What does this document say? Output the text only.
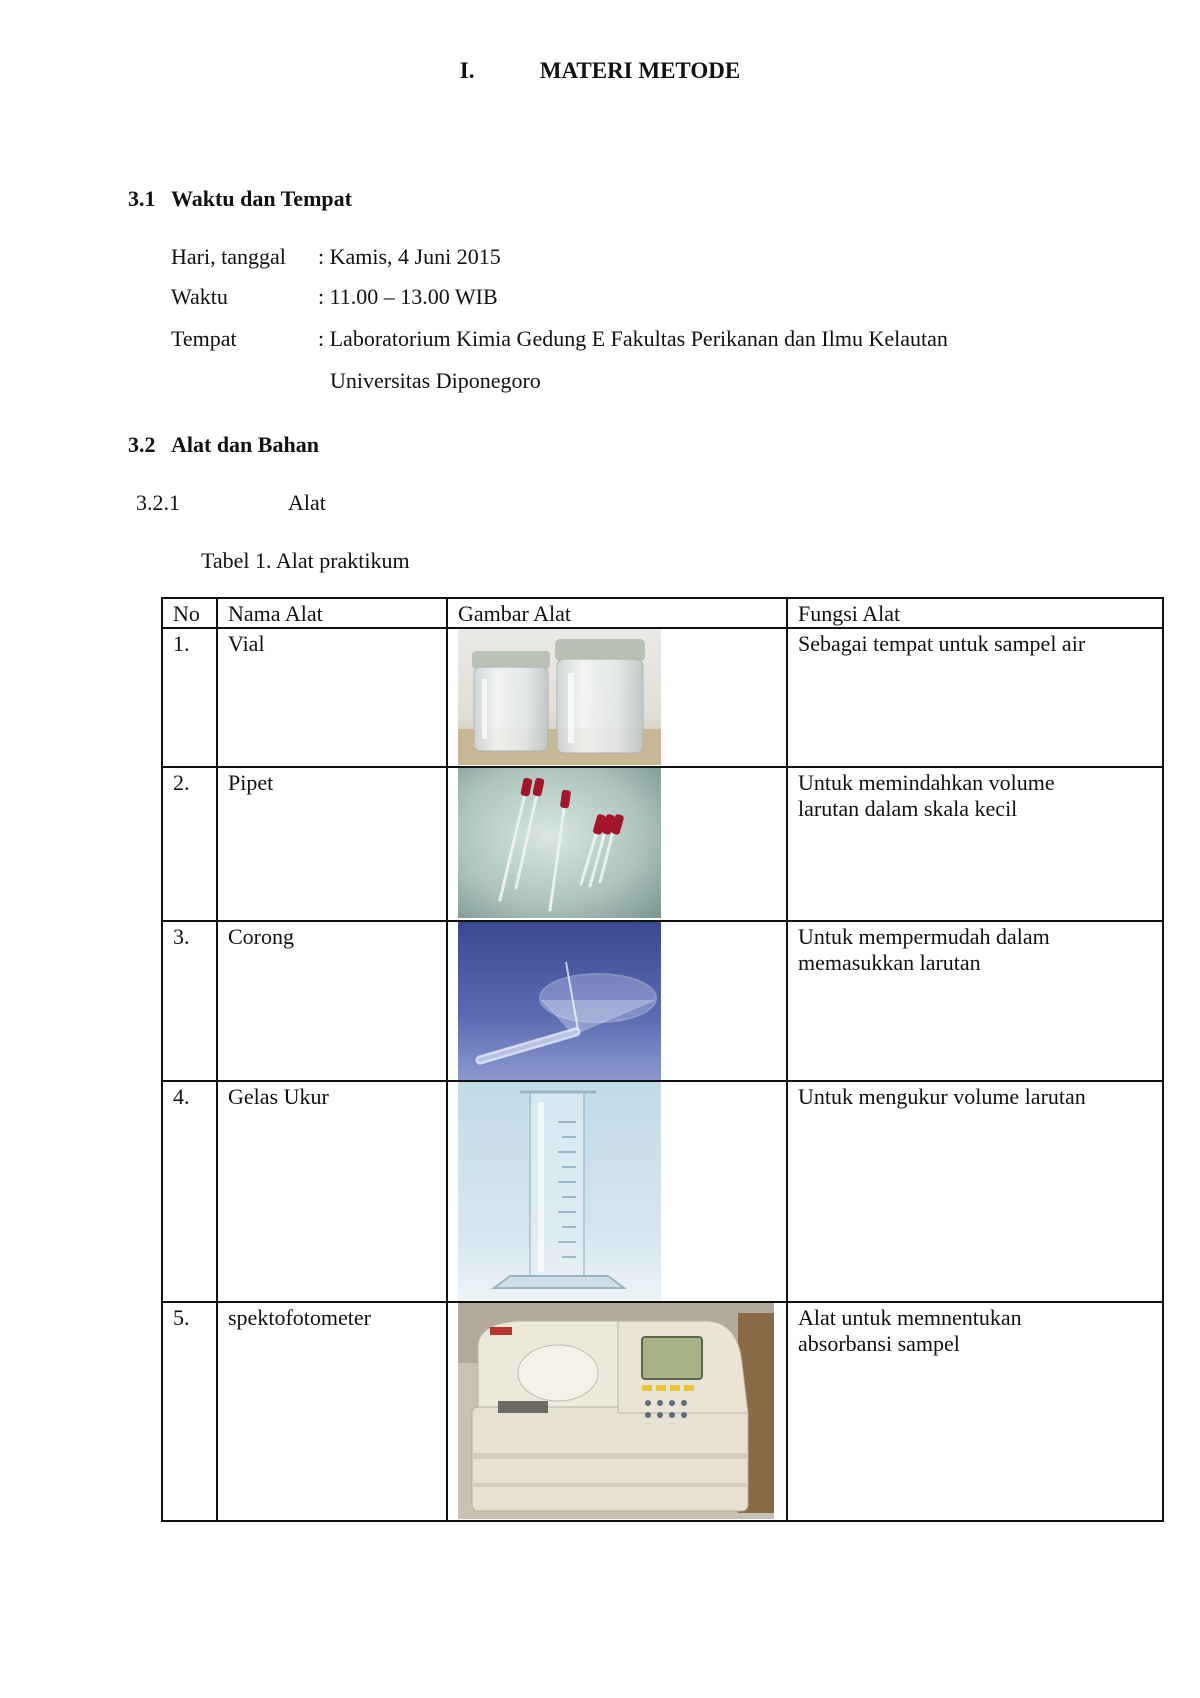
I.	MATERI METODE
3.1 Waktu dan Tempat
Hari, tanggal : Kamis, 4 Juni 2015
Waktu	: 11.00 – 13.00 WIB
Tempat	: Laboratorium Kimia Gedung E Fakultas Perikanan dan Ilmu Kelautan
Universitas Diponegoro
3.2 Alat dan Bahan
3.2.1	Alat
Tabel 1. Alat praktikum
No	Nama Alat	Gambar Alat	Fungsi Alat
1.	Vial		Sebagai tempat untuk sampel air
2.	Pipet		Untuk memindahkan volume
larutan dalam skala kecil

3.	Corong		Untuk mempermudah dalam
memasukkan larutan

4.	Gelas Ukur		Untuk mengukur volume larutan
5.	spektofotometer		Alat untuk memnentukan
absorbansi sampel
